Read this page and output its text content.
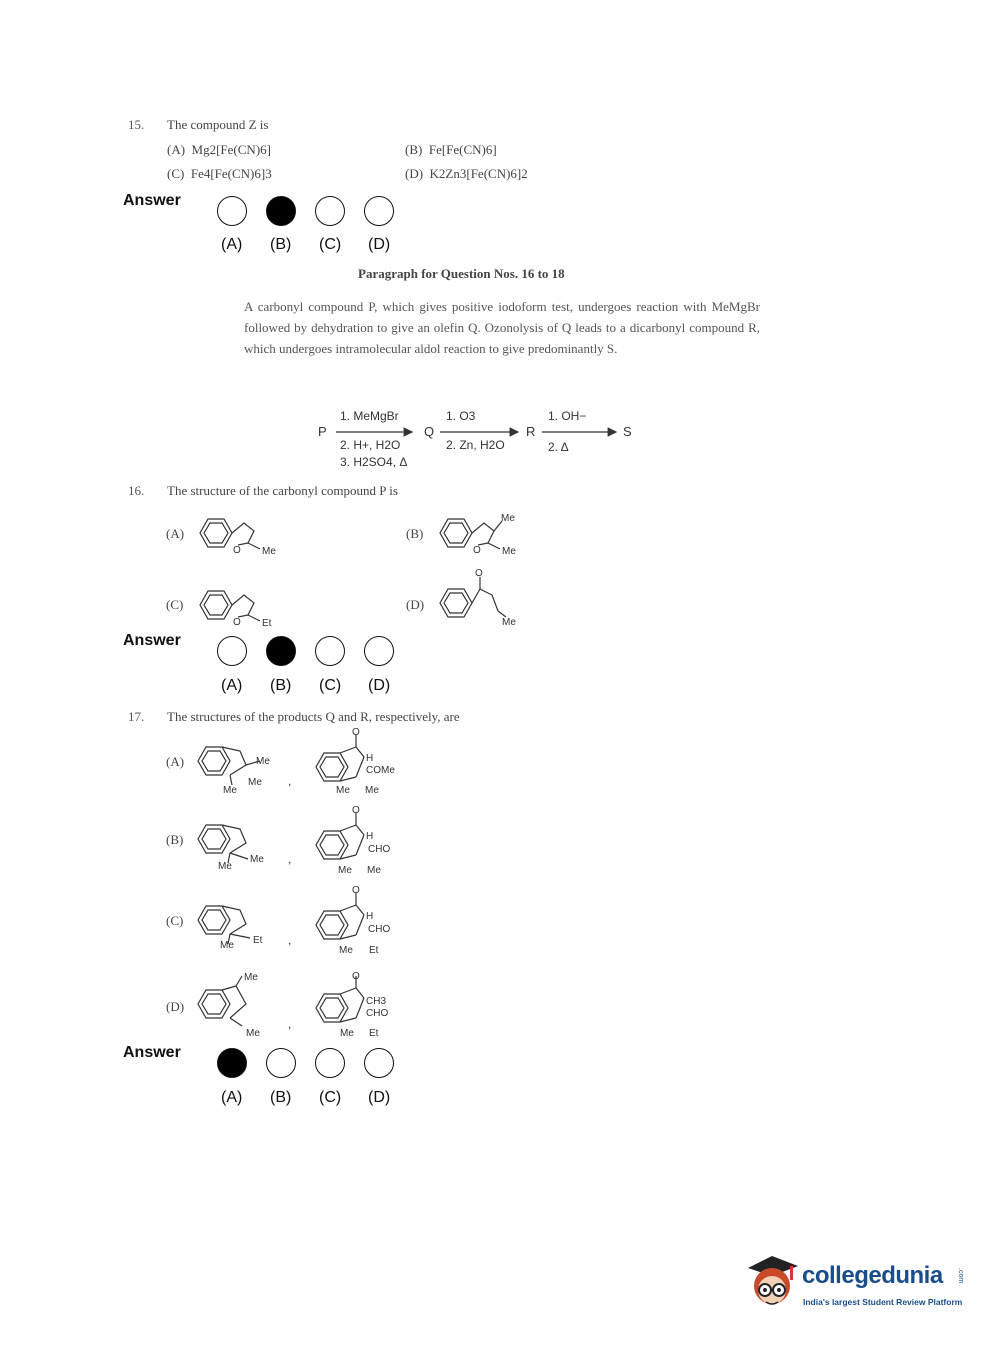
15. The compound Z is
(A) Mg2[Fe(CN)6]	(B) Fe[Fe(CN)6]
(C) Fe4[Fe(CN)6]3	(D) K2Zn3[Fe(CN)6]2
Answer
(A) (B) (C) (D)
Paragraph for Question Nos. 16 to 18
A carbonyl compound P, which gives positive iodoform test, undergoes reaction with MeMgBr followed by dehydration to give an olefin Q. Ozonolysis of Q leads to a dicarbonyl compound R, which undergoes intramolecular aldol reaction to give predominantly S.
P
1. MeMgBr
2. H+, H2O
3. H2SO4, Δ
Q
1. O3
2. Zn, H2O
R
1. OH−
2. Δ
S
16. The structure of the carbonyl compound P is
(A)	(B)
(C)	(D)
O Me
Me
O Me
O Et
O
Me
Answer
(A) (B) (C) (D)
17. The structures of the products Q and R, respectively, are
(A)
(B)
(C)
(D)
Me
Me
Me
,
O
H
COMe
Me Me
Me
Me
,
O
H
CHO
Me Me
Et
Me	,
O
H
CHO
Me Et
Me
Me
,
O
CH3
CHO
Me Et
Answer
(A) (B) (C) (D)
collegedunia .com
India's largest Student Review Platform
